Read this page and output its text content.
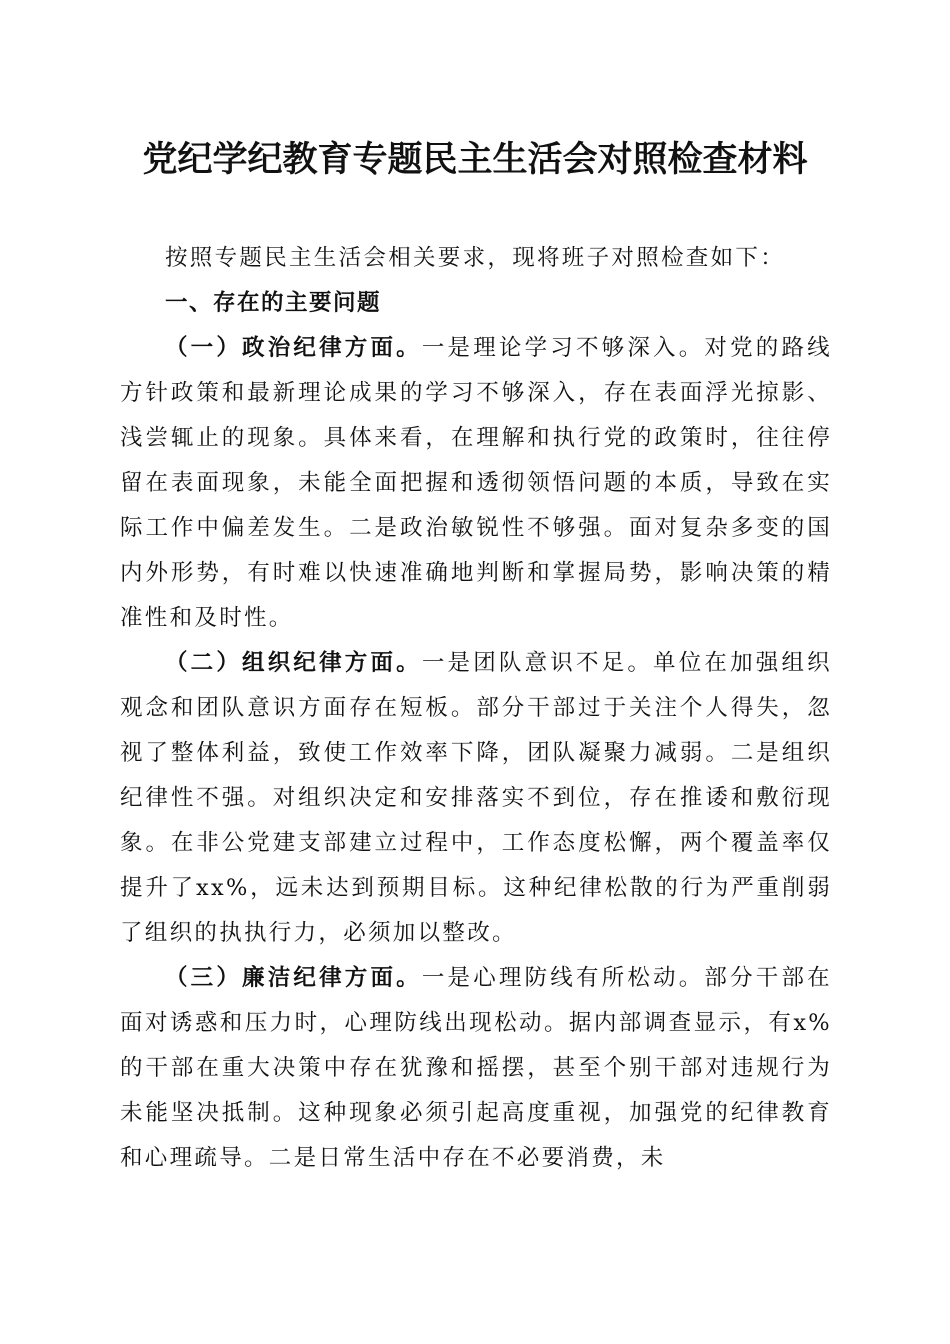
党纪学纪教育专题民主生活会对照检查材料

按照专题民主生活会相关要求，现将班子对照检查如下：

一、存在的主要问题

（一）政治纪律方面。一是理论学习不够深入。对党的路线方针政策和最新理论成果的学习不够深入，存在表面浮光掠影、浅尝辄止的现象。具体来看，在理解和执行党的政策时，往往停留在表面现象，未能全面把握和透彻领悟问题的本质，导致在实际工作中偏差发生。二是政治敏锐性不够强。面对复杂多变的国内外形势，有时难以快速准确地判断和掌握局势，影响决策的精准性和及时性。

（二）组织纪律方面。一是团队意识不足。单位在加强组织观念和团队意识方面存在短板。部分干部过于关注个人得失，忽视了整体利益，致使工作效率下降，团队凝聚力减弱。二是组织纪律性不强。对组织决定和安排落实不到位，存在推诿和敷衍现象。在非公党建支部建立过程中，工作态度松懈，两个覆盖率仅提升了xx%，远未达到预期目标。这种纪律松散的行为严重削弱了组织的执执行力，必须加以整改。

（三）廉洁纪律方面。一是心理防线有所松动。部分干部在面对诱惑和压力时，心理防线出现松动。据内部调查显示，有x%的干部在重大决策中存在犹豫和摇摆，甚至个别干部对违规行为未能坚决抵制。这种现象必须引起高度重视，加强党的纪律教育和心理疏导。二是日常生活中存在不必要消费，未
